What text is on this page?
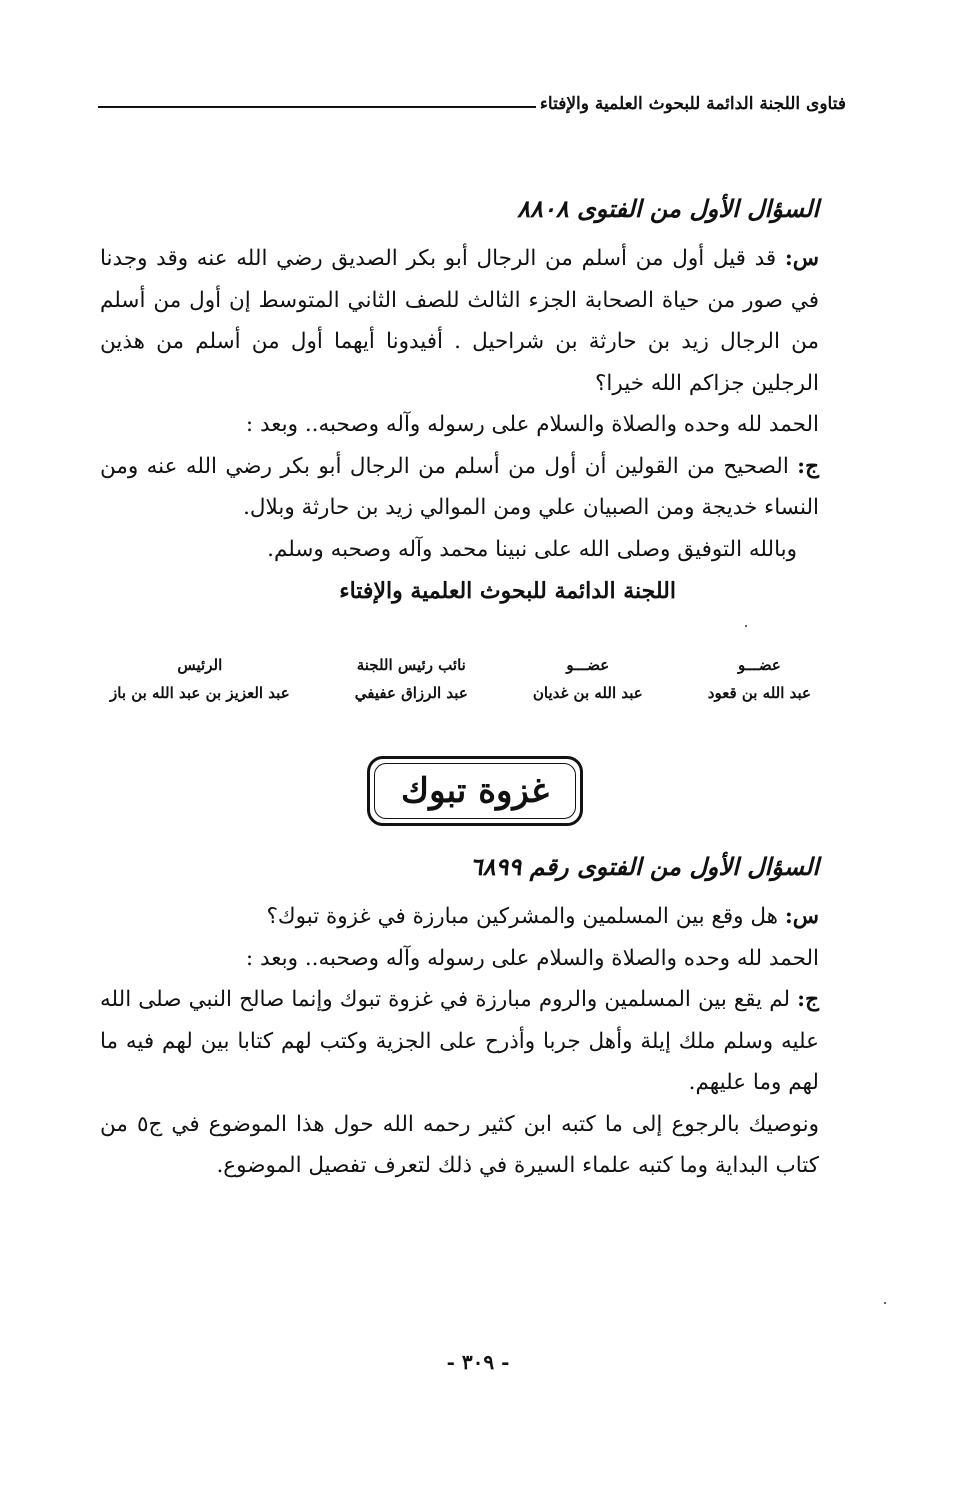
فتاوى اللجنة الدائمة للبحوث العلمية والإفتاء
السؤال الأول من الفتوى ٨٨٠٨

س: قد قيل أول من أسلم من الرجال أبو بكر الصديق رضي الله عنه وقد وجدنا في صور من حياة الصحابة الجزء الثالث للصف الثاني المتوسط إن أول من أسلم من الرجال زيد بن حارثة بن شراحيل . أفيدونا أيهما أول من أسلم من هذين الرجلين جزاكم الله خيرا؟

الحمد لله وحده والصلاة والسلام على رسوله وآله وصحبه.. وبعد :

ج: الصحيح من القولين أن أول من أسلم من الرجال أبو بكر رضي الله عنه ومن النساء خديجة ومن الصبيان علي ومن الموالي زيد بن حارثة وبلال.

وبالله التوفيق وصلى الله على نبينا محمد وآله وصحبه وسلم.

اللجنة الدائمة للبحوث العلمية والإفتاء
عضـــو
عبد الله بن قعود
عضـــو
عبد الله بن غديان
نائب رئيس اللجنة
عبد الرزاق عفيفي
الرئيس
عبد العزيز بن عبد الله بن باز
غزوة تبوك
السؤال الأول من الفتوى رقم ٦٨٩٩

س: هل وقع بين المسلمين والمشركين مبارزة في غزوة تبوك؟

الحمد لله وحده والصلاة والسلام على رسوله وآله وصحبه.. وبعد :

ج: لم يقع بين المسلمين والروم مبارزة في غزوة تبوك وإنما صالح النبي صلى الله عليه وسلم ملك إيلة وأهل جربا وأذرح على الجزية وكتب لهم كتابا بين لهم فيه ما لهم وما عليهم.

ونوصيك بالرجوع إلى ما كتبه ابن كثير رحمه الله حول هذا الموضوع في ج٥ من كتاب البداية وما كتبه علماء السيرة في ذلك لتعرف تفصيل الموضوع.

- ٣٠٩ -
